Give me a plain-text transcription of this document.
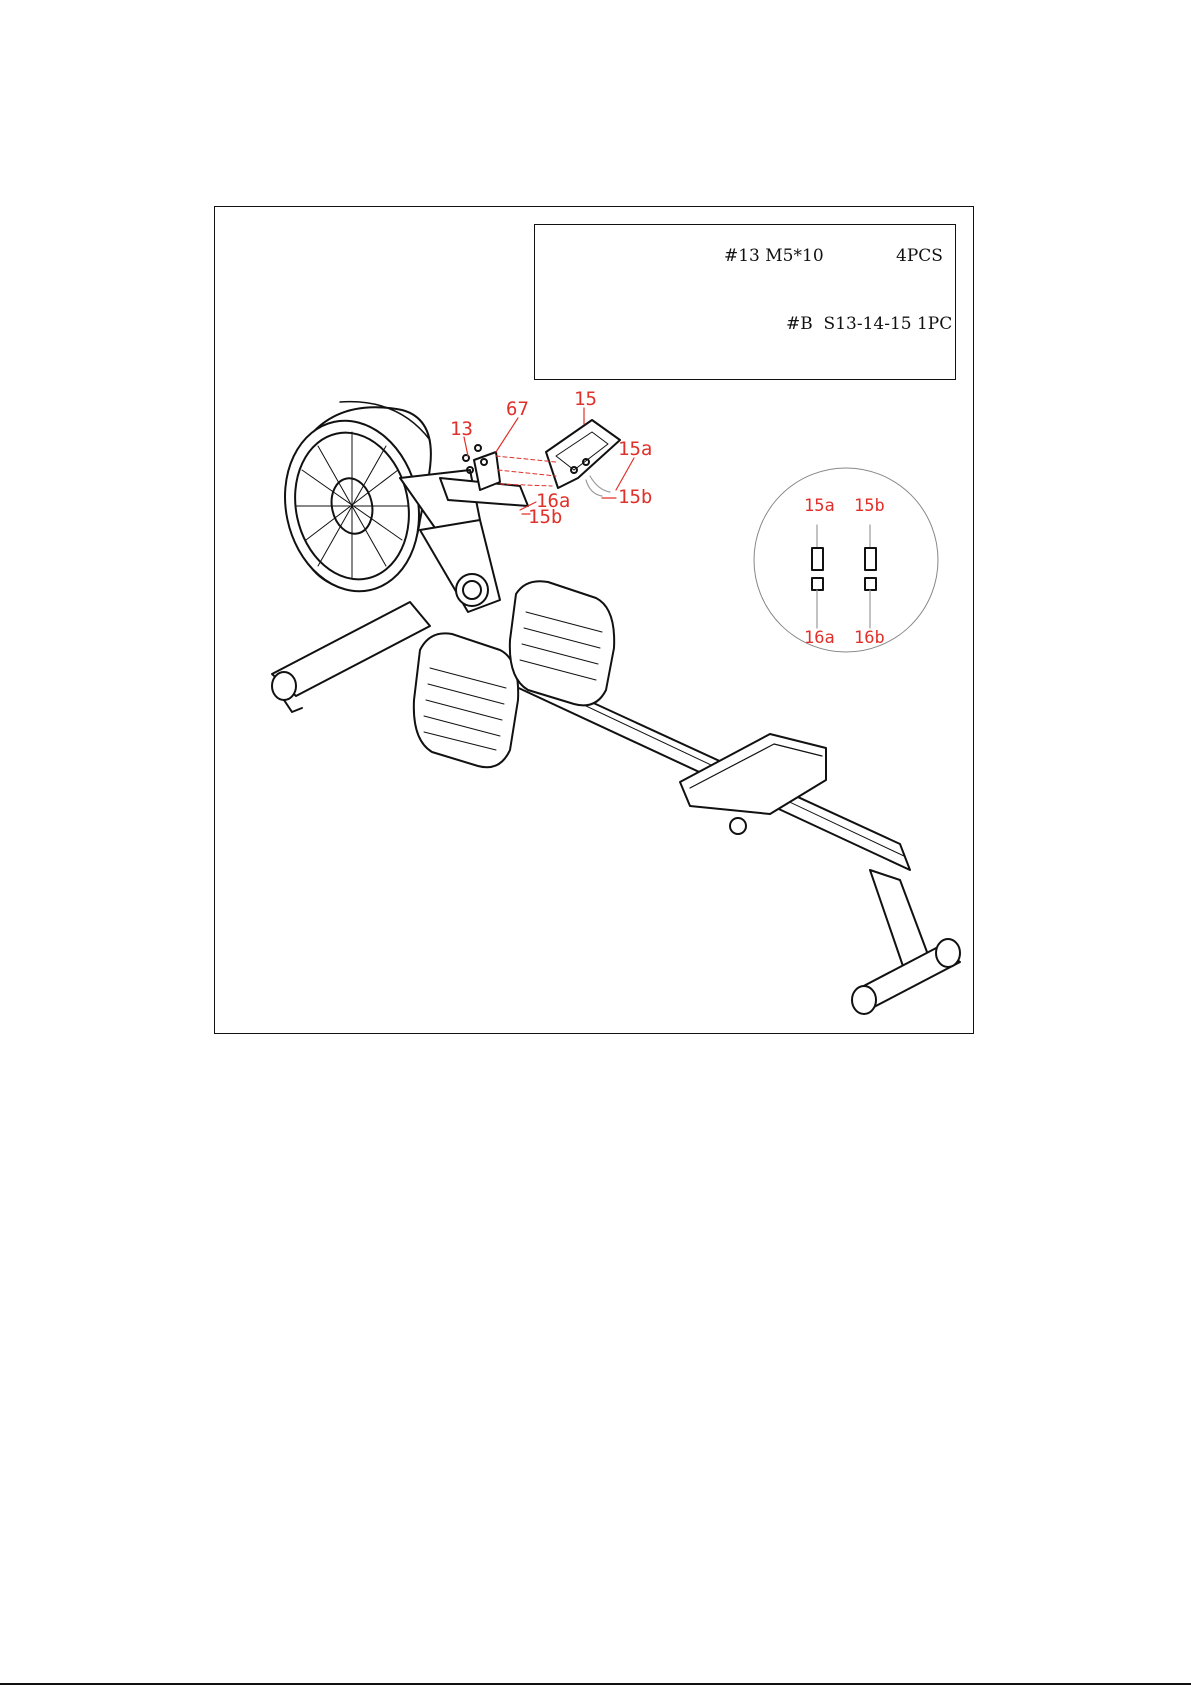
#13 M5*10	4PCS
#B  S13-14-15 1PC
13
67 15
15a
15b
16a
15b	15a 15b
16a 16b
